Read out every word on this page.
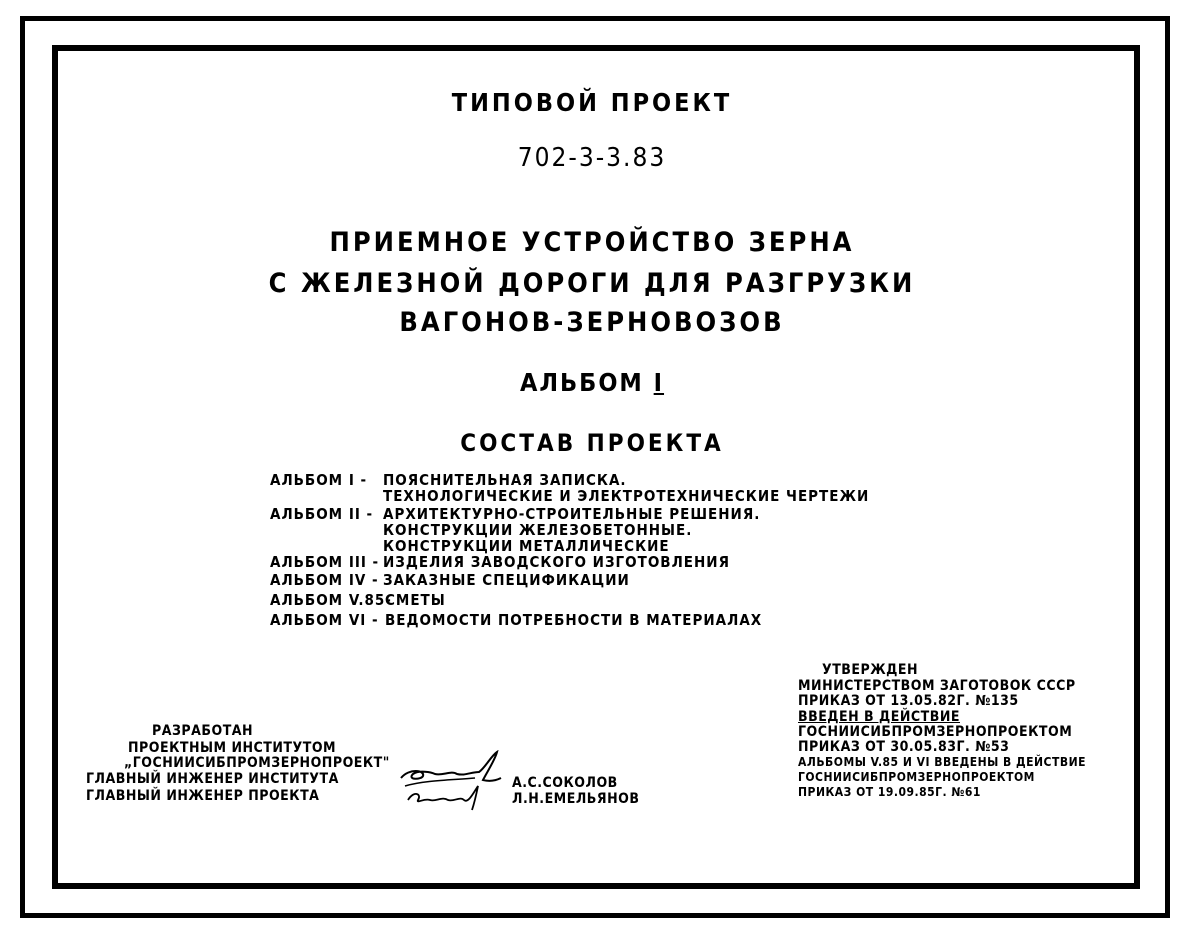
ТИПОВОЙ ПРОЕКТ
702-3-3.83
ПРИЕМНОЕ УСТРОЙСТВО ЗЕРНА
С ЖЕЛЕЗНОЙ ДОРОГИ ДЛЯ РАЗГРУЗКИ
ВАГОНОВ-ЗЕРНОВОЗОВ
АЛЬБОМ I
СОСТАВ ПРОЕКТА
АЛЬБОМ I - ПОЯСНИТЕЛЬНАЯ ЗАПИСКА.
ТЕХНОЛОГИЧЕСКИЕ И ЭЛЕКТРОТЕХНИЧЕСКИЕ ЧЕРТЕЖИ
АЛЬБОМ II - АРХИТЕКТУРНО-СТРОИТЕЛЬНЫЕ РЕШЕНИЯ.
КОНСТРУКЦИИ ЖЕЛЕЗОБЕТОННЫЕ.
КОНСТРУКЦИИ МЕТАЛЛИЧЕСКИЕ
АЛЬБОМ III - ИЗДЕЛИЯ ЗАВОДСКОГО ИЗГОТОВЛЕНИЯ
АЛЬБОМ IV - ЗАКАЗНЫЕ СПЕЦИФИКАЦИИ
АЛЬБОМ V.85-
СМЕТЫ
АЛЬБОМ VI - ВЕДОМОСТИ ПОТРЕБНОСТИ В МАТЕРИАЛАХ
РАЗРАБОТАН
ПРОЕКТНЫМ ИНСТИТУТОМ
„ГОСНИИСИБПРОМЗЕРНОПРОЕКТ"
ГЛАВНЫЙ ИНЖЕНЕР ИНСТИТУТА
ГЛАВНЫЙ ИНЖЕНЕР ПРОЕКТА
А.С.СОКОЛОВ
Л.Н.ЕМЕЛЬЯНОВ
УТВЕРЖДЕН
МИНИСТЕРСТВОМ ЗАГОТОВОК СССР
ПРИКАЗ ОТ 13.05.82Г. №135
ВВЕДЕН В ДЕЙСТВИЕ
ГОСНИИСИБПРОМЗЕРНОПРОЕКТОМ
ПРИКАЗ ОТ 30.05.83Г. №53
АЛЬБОМЫ V.85 И VI ВВЕДЕНЫ В ДЕЙСТВИЕ
ГОСНИИСИБПРОМЗЕРНОПРОЕКТОМ
ПРИКАЗ ОТ 19.09.85Г. №61
